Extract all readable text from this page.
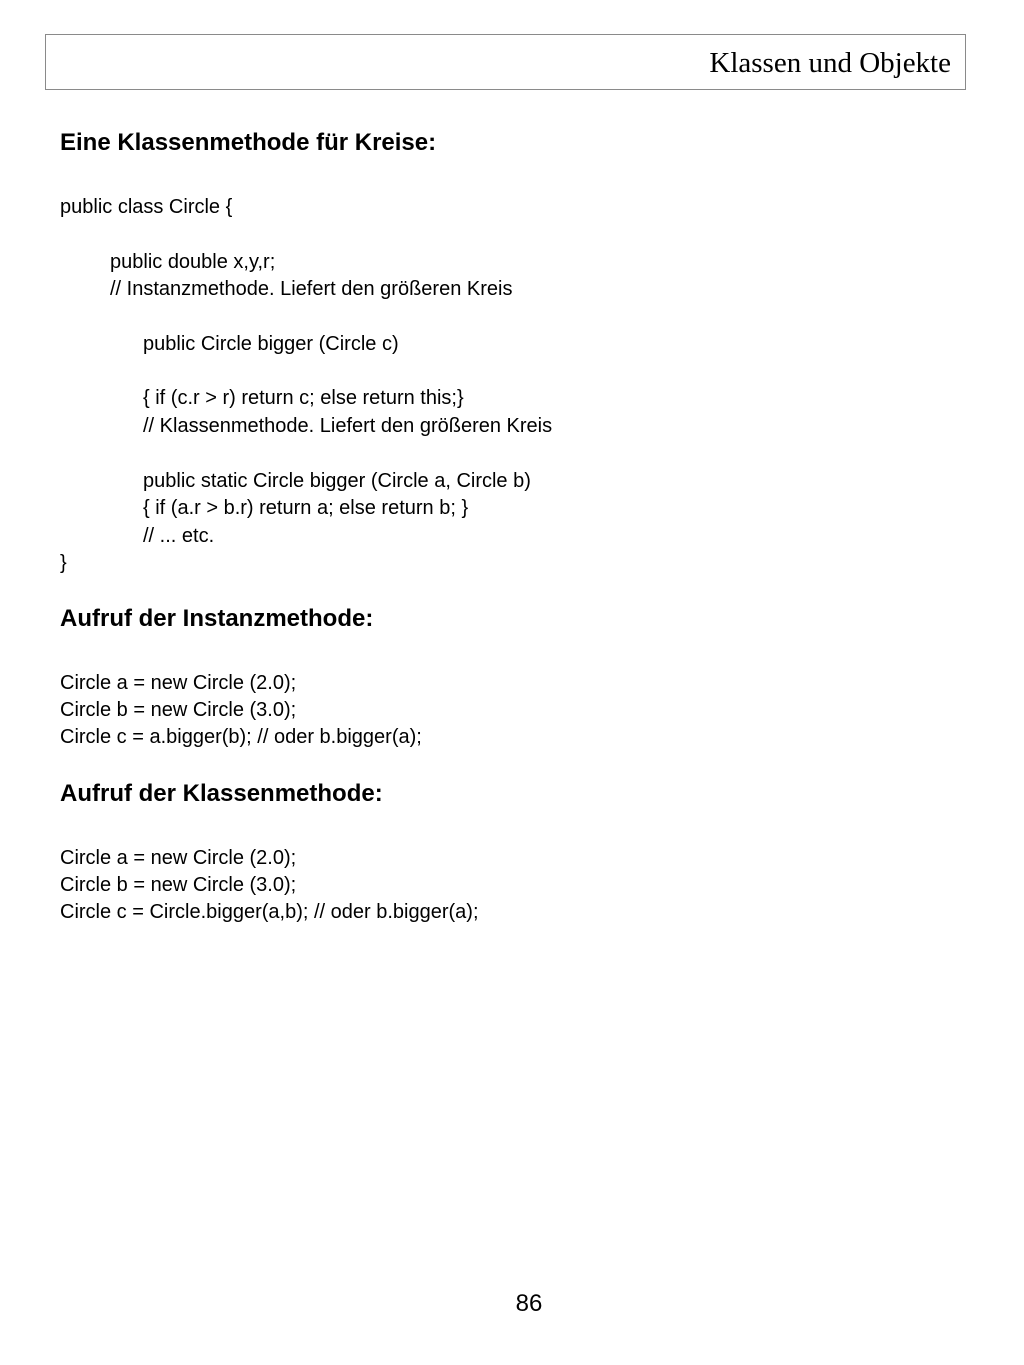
Klassen und Objekte
Eine Klassenmethode für Kreise:
public class Circle {
public double x,y,r;
// Instanzmethode. Liefert den größeren Kreis
public Circle bigger (Circle c)
{ if (c.r > r) return c; else return this;}
// Klassenmethode. Liefert den größeren Kreis
public static Circle bigger (Circle a, Circle b)
{ if (a.r > b.r) return a; else return b; }
// ... etc.
}
Aufruf der Instanzmethode:
Circle a = new Circle (2.0);
Circle b = new Circle (3.0);
Circle c = a.bigger(b); // oder b.bigger(a);
Aufruf der Klassenmethode:
Circle a = new Circle (2.0);
Circle b = new Circle (3.0);
Circle c = Circle.bigger(a,b); // oder b.bigger(a);
86
